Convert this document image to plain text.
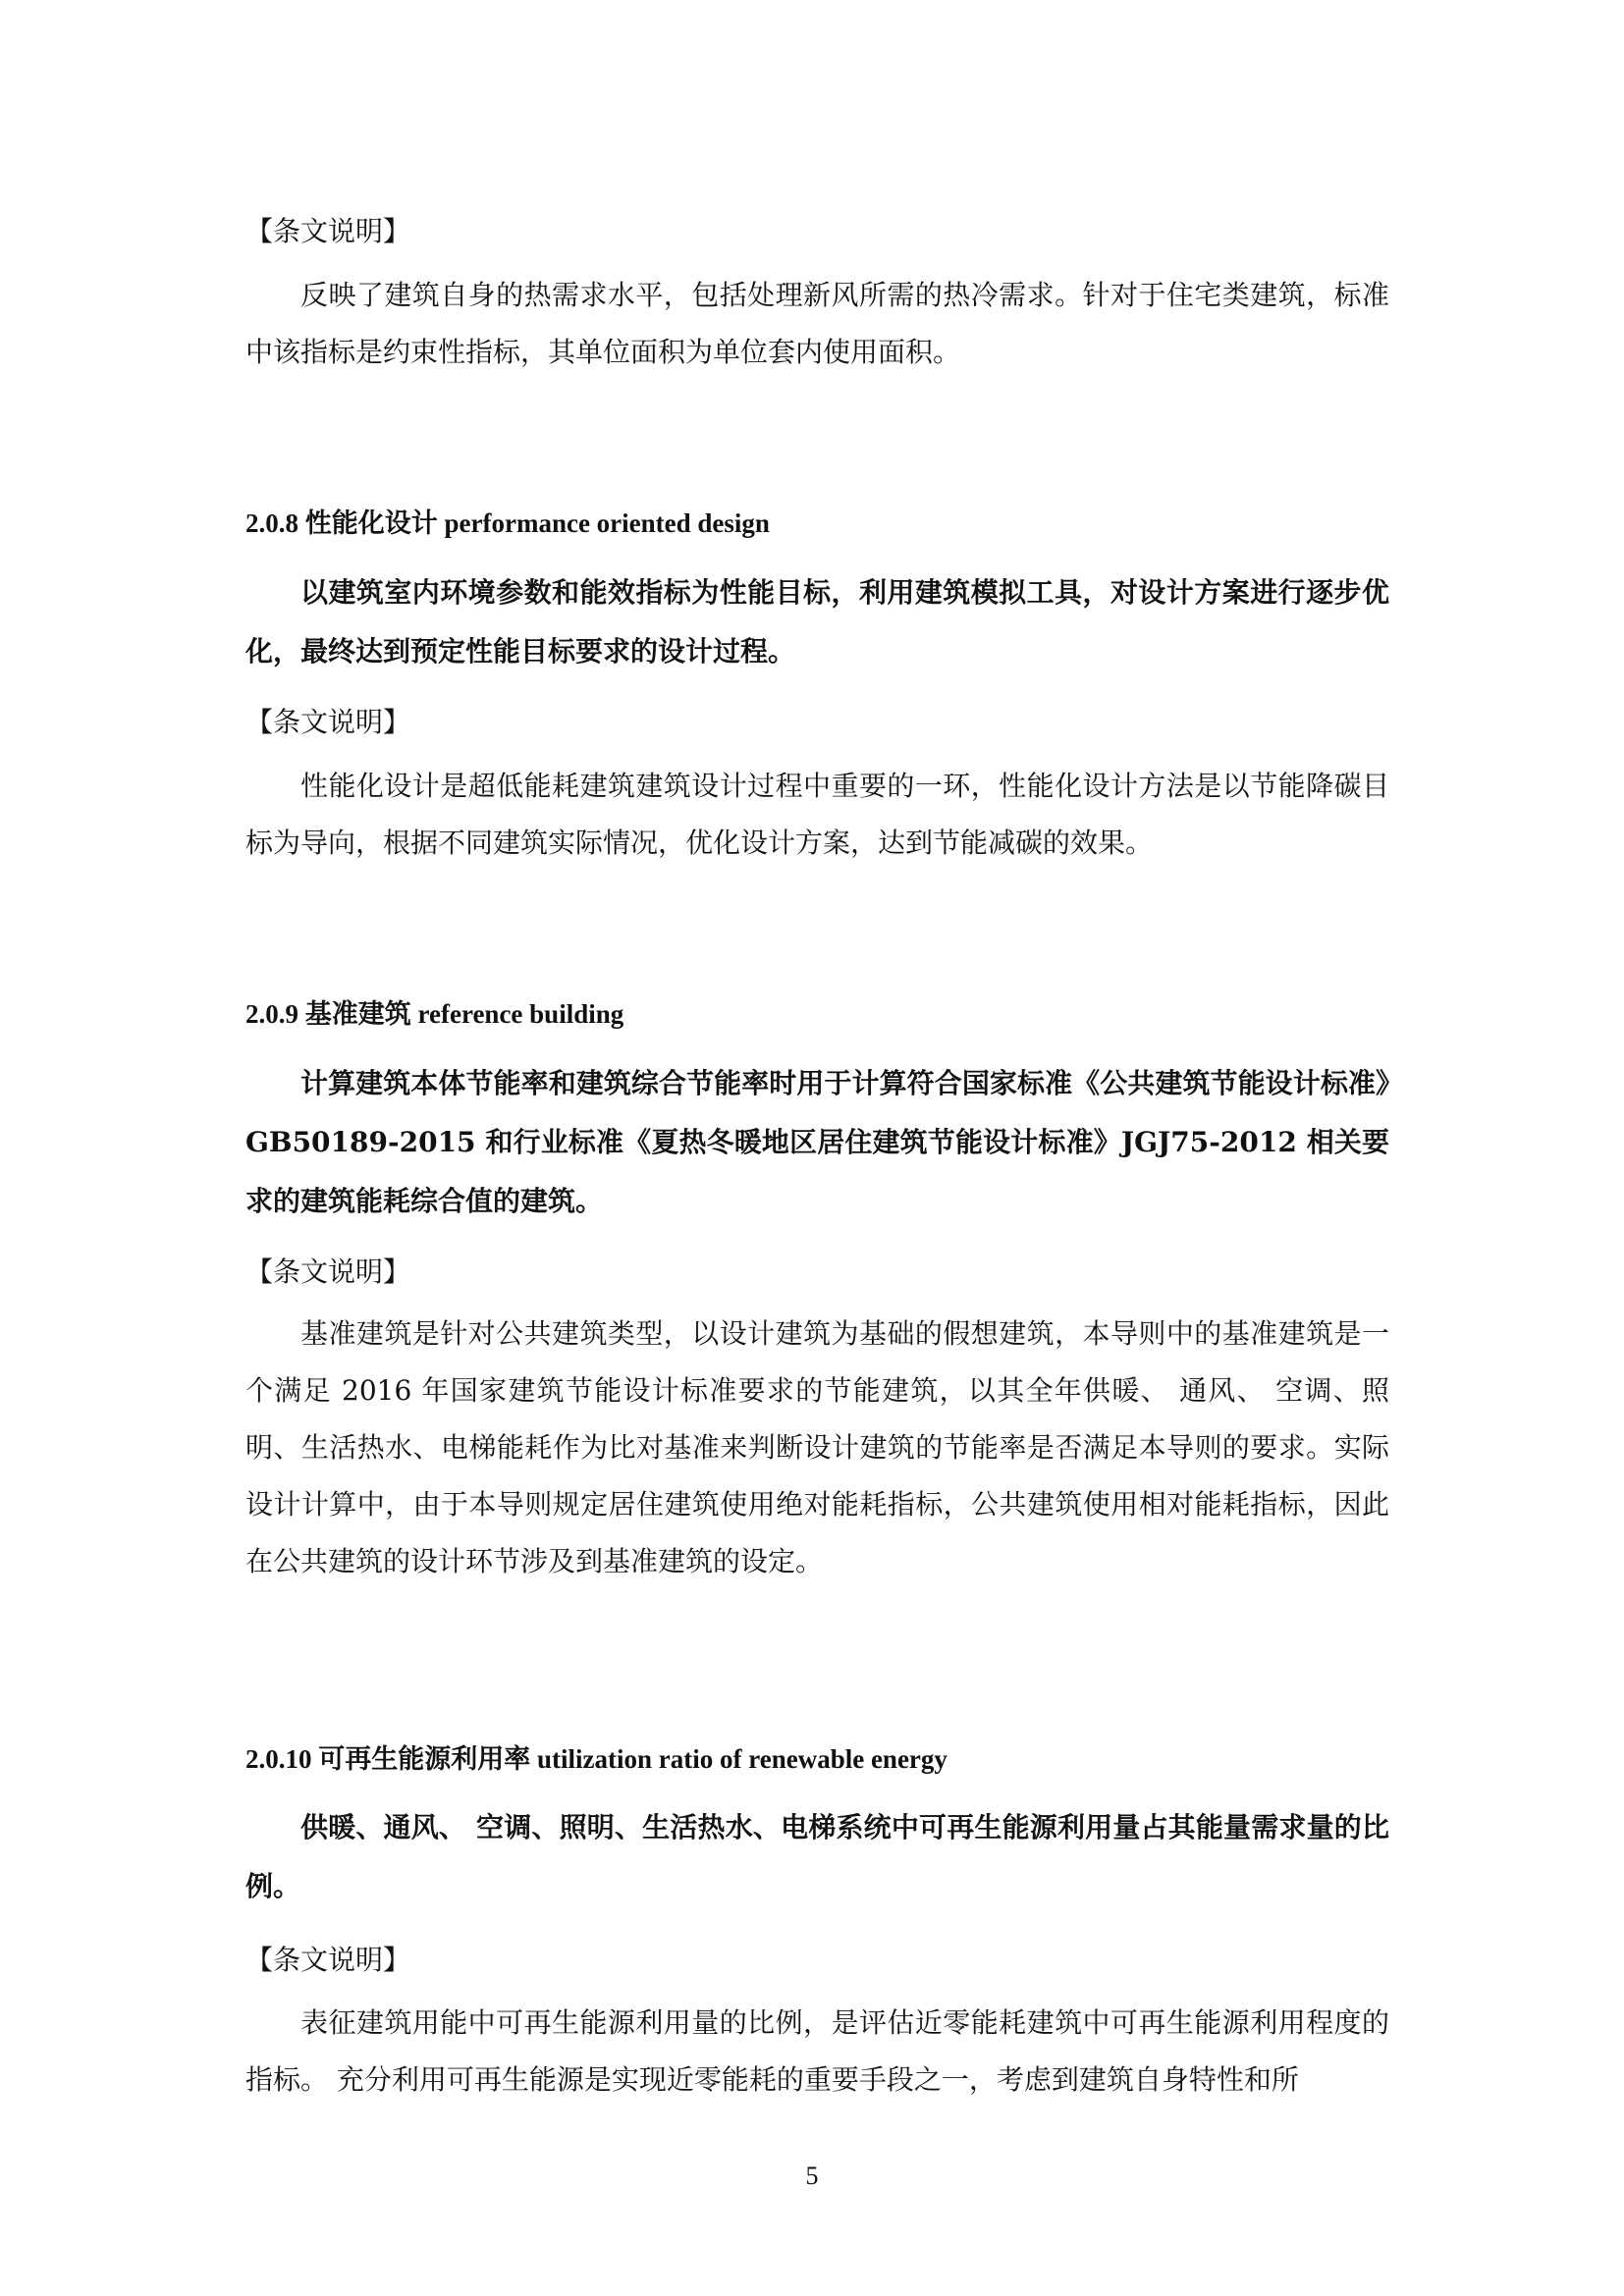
【条文说明】

反映了建筑自身的热需求水平，包括处理新风所需的热冷需求。针对于住宅类建筑，标准中该指标是约束性指标，其单位面积为单位套内使用面积。

2.0.8 性能化设计 performance oriented design

以建筑室内环境参数和能效指标为性能目标，利用建筑模拟工具，对设计方案进行逐步优化，最终达到预定性能目标要求的设计过程。

【条文说明】

性能化设计是超低能耗建筑建筑设计过程中重要的一环，性能化设计方法是以节能降碳目标为导向，根据不同建筑实际情况，优化设计方案，达到节能减碳的效果。

2.0.9 基准建筑 reference building

计算建筑本体节能率和建筑综合节能率时用于计算符合国家标准《公共建筑节能设计标准》GB50189-2015 和行业标准《夏热冬暖地区居住建筑节能设计标准》JGJ75-2012 相关要求的建筑能耗综合值的建筑。

【条文说明】

基准建筑是针对公共建筑类型，以设计建筑为基础的假想建筑，本导则中的基准建筑是一个满足 2016 年国家建筑节能设计标准要求的节能建筑，以其全年供暖、 通风、 空调、照明、生活热水、电梯能耗作为比对基准来判断设计建筑的节能率是否满足本导则的要求。实际设计计算中，由于本导则规定居住建筑使用绝对能耗指标，公共建筑使用相对能耗指标，因此在公共建筑的设计环节涉及到基准建筑的设定。

2.0.10 可再生能源利用率 utilization ratio of renewable energy

供暖、通风、 空调、照明、生活热水、电梯系统中可再生能源利用量占其能量需求量的比例。

【条文说明】

表征建筑用能中可再生能源利用量的比例，是评估近零能耗建筑中可再生能源利用程度的指标。 充分利用可再生能源是实现近零能耗的重要手段之一，考虑到建筑自身特性和所

5
